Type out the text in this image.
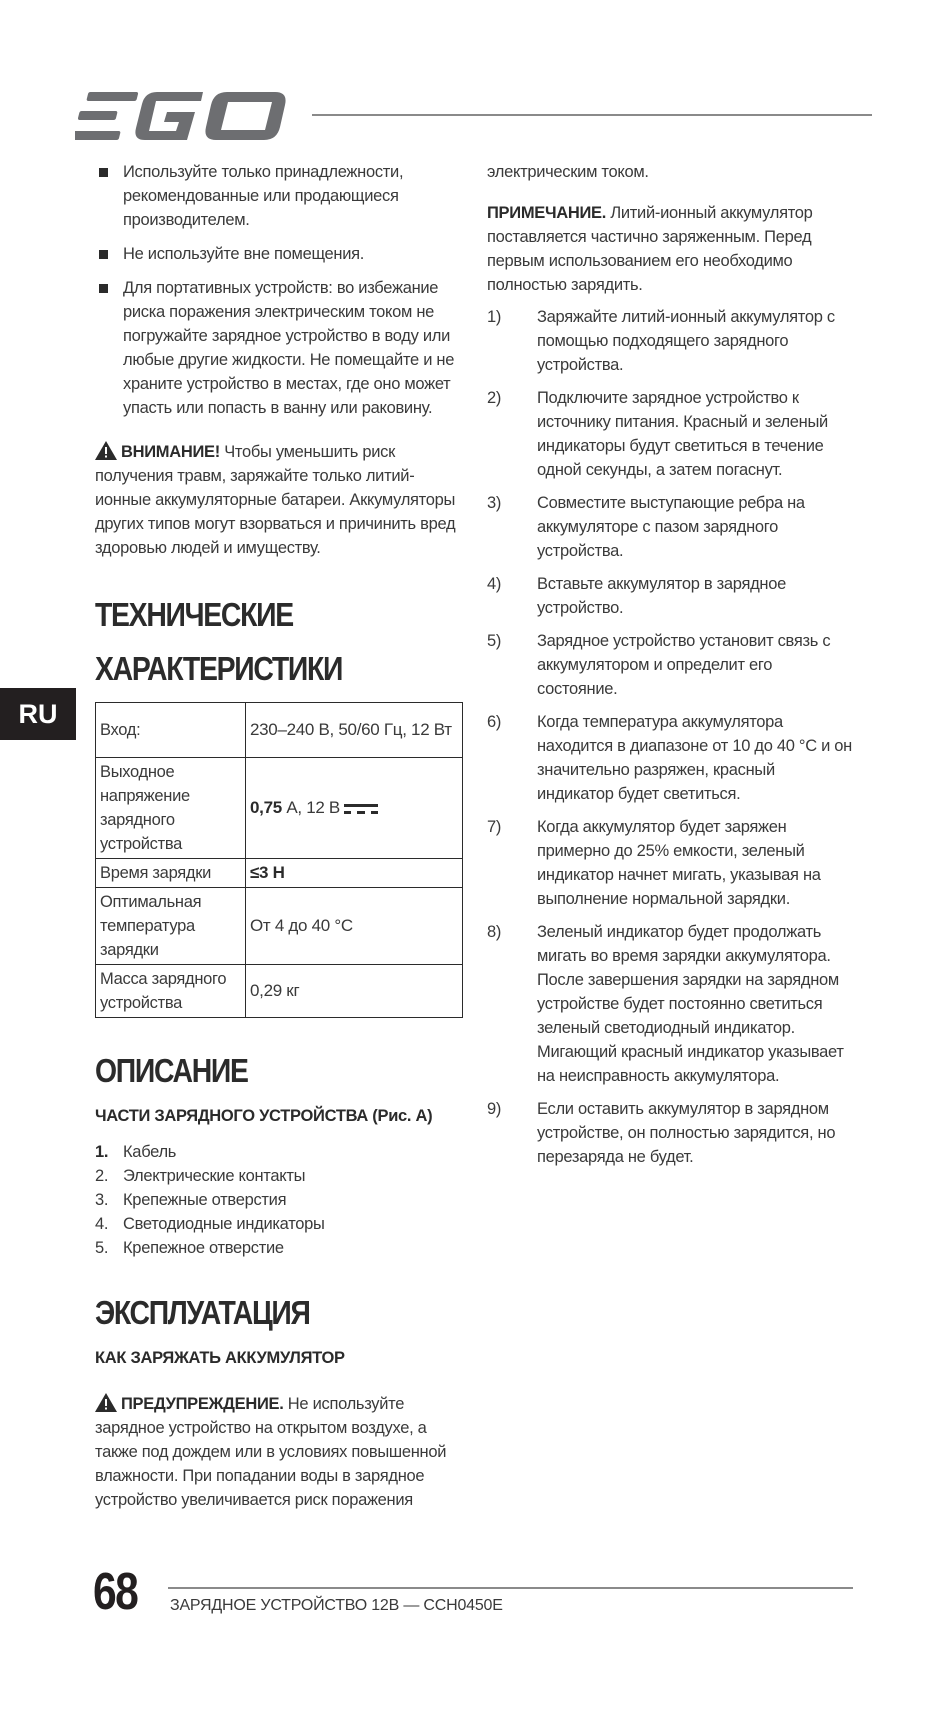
RU
Используйте только принадлежности, рекомендованные или продающиеся производителем.
Не используйте вне помещения.
Для портативных устройств: во избежание риска поражения электрическим током не погружайте зарядное устройство в воду или любые другие жидкости. Не помещайте и не храните устройство в местах, где оно может упасть или попасть в ванну или раковину.

ВНИМАНИЕ! Чтобы уменьшить риск получения травм, заряжайте только литий-ионные аккумуляторные батареи. Аккумуляторы других типов могут взорваться и причинить вред здоровью людей и имуществу.

ТЕХНИЧЕСКИЕ
ХАРАКТЕРИСТИКИ
Вход:	230–240 В, 50/60 Гц, 12 Вт
Выходное напряжение зарядного устройства	0,75 А, 12 В
Время зарядки	≤3 Н
Оптимальная температура зарядки	От 4 до 40 °C
Масса зарядного устройства	0,29 кг
ОПИСАНИЕ
ЧАСТИ ЗАРЯДНОГО УСТРОЙСТВА (Рис. А)
1. Кабель
2. Электрические контакты
3. Крепежные отверстия
4. Светодиодные индикаторы
5. Крепежное отверстие
ЭКСПЛУАТАЦИЯ
КАК ЗАРЯЖАТЬ АККУМУЛЯТОР

ПРЕДУПРЕЖДЕНИЕ. Не используйте зарядное устройство на открытом воздухе, а также под дождем или в условиях повышенной влажности. При попадании воды в зарядное устройство увеличивается риск поражения

электрическим током.

ПРИМЕЧАНИЕ. Литий-ионный аккумулятор поставляется частично заряженным. Перед первым использованием его необходимо полностью зарядить.

1) Заряжайте литий-ионный аккумулятор с помощью подходящего зарядного устройства.
2) Подключите зарядное устройство к источнику питания. Красный и зеленый индикаторы будут светиться в течение одной секунды, а затем погаснут.
3) Совместите выступающие ребра на аккумуляторе с пазом зарядного устройства.
4) Вставьте аккумулятор в зарядное устройство.
5) Зарядное устройство установит связь с аккумулятором и определит его состояние.
6) Когда температура аккумулятора находится в диапазоне от 10 до 40 °C и он значительно разряжен, красный индикатор будет светиться.
7) Когда аккумулятор будет заряжен примерно до 25% емкости, зеленый индикатор начнет мигать, указывая на выполнение нормальной зарядки.
8) Зеленый индикатор будет продолжать мигать во время зарядки аккумулятора. После завершения зарядки на зарядном устройстве будет постоянно светиться зеленый светодиодный индикатор. Мигающий красный индикатор указывает на неисправность аккумулятора.
9) Если оставить аккумулятор в зарядном устройстве, он полностью зарядится, но перезаряда не будет.
68 ЗАРЯДНОЕ УСТРОЙСТВО 12В — CCH0450E
